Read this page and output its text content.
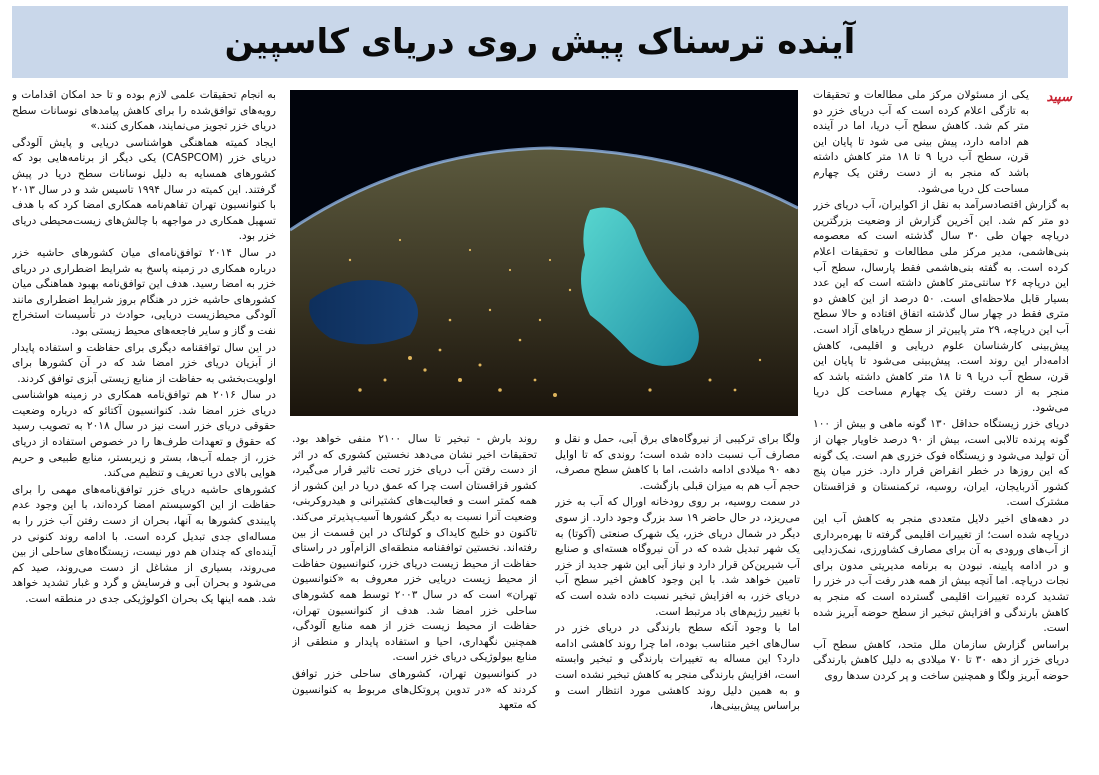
آینده ترسناک پیش روی دریای کاسپین
سپید

یکی از مسئولان مرکز ملی مطالعات و تحقیقات به تازگی اعلام کرده است که آب دریای خزر دو متر کم شد. کاهش سطح آب دریا، اما در آینده هم ادامه دارد، پیش بینی می شود تا پایان این قرن، سطح آب دریا ۹ تا ۱۸ متر کاهش داشته باشد که منجر به از دست رفتن یک چهارم مساحت کل دریا می‌شود.

به گزارش اقتصادسرآمد به نقل از اکوایران، آب دریای خزر دو متر کم شد. این آخرین گزارش از وضعیت بزرگترین دریاچه جهان طی ۳۰ سال گذشته است که معصومه بنی‌هاشمی، مدیر مرکز ملی مطالعات و تحقیقات اعلام کرده است. به گفته بنی‌هاشمی فقط پارسال، سطح آب این دریاچه ۲۶ سانتی‌متر کاهش داشته است که این عدد بسیار قابل ملاحظه‌ای است. ۵۰ درصد از این کاهش دو متری فقط در چهار سال گذشته اتفاق افتاده و حالا سطح آب این دریاچه، ۲۹ متر پایین‌تر از سطح دریاهای آزاد است. پیش‌بینی کارشناسان علوم دریایی و اقلیمی، کاهش ادامه‌دار این روند است. پیش‌بینی می‌شود تا پایان این قرن، سطح آب دریا ۹ تا ۱۸ متر کاهش داشته باشد که منجر به از دست رفتن یک چهارم مساحت کل دریا می‌شود.

دریای خزر زیستگاه حداقل ۱۳۰ گونه ماهی و بیش از ۱۰۰ گونه پرنده تالابی است، بیش از ۹۰ درصد خاویار جهان از آن تولید می‌شود و زیستگاه فوک خزری هم است. یک گونه که این روزها در خطر انقراض قرار دارد. خزر میان پنج کشور آذربایجان، ایران، روسیه، ترکمنستان و قزاقستان مشترک است.

در دهه‌های اخیر دلایل متعددی منجر به کاهش آب این دریاچه شده است؛ از تغییرات اقلیمی گرفته تا بهره‌برداری از آب‌های ورودی به آن برای مصارف کشاورزی، نمک‌زدایی و در ادامه پایینه. نبودن به برنامه مدیریتی مدون برای نجات دریاچه. اما آنچه بیش از همه هدر رفت آب در خزر را تشدید کرده تغییرات اقلیمی گسترده است که منجر به کاهش بارندگی و افزایش تبخیر از سطح حوضه آبریز شده است.

براساس گزارش سازمان ملل متحد، کاهش سطح آب دریای خزر از دهه ۳۰ تا ۷۰ میلادی به دلیل کاهش بارندگی حوضه آبریز ولگا و همچنین ساخت و پر کردن سدها روی

ولگا برای ترکیبی از نیروگاه‌های برق آبی، حمل و نقل و مصارف آب نسبت داده شده است؛ روندی که تا اوایل دهه ۹۰ میلادی ادامه داشت، اما با کاهش سطح مصرف، حجم آب هم به میزان قبلی بازگشت.

در سمت روسیه، بر روی رودخانه اورال که آب به خزر می‌ریزد، در حال حاضر ۱۹ سد بزرگ وجود دارد. از سوی دیگر در شمال دریای خزر، یک شهرک صنعتی (آکوتا) به یک شهر تبدیل شده که در آن نیروگاه هسته‌ای و صنایع آب شیرین‌کن قرار دارد و نیاز آبی این شهر جدید از خزر تامین خواهد شد. با این وجود کاهش اخیر سطح آب دریای خزر، به افزایش تبخیر نسبت داده شده است که با تغییر رژیم‌های باد مرتبط است.

اما با وجود آنکه سطح بارندگی در دریای خزر در سال‌های اخیر متناسب بوده، اما چرا روند کاهشی ادامه دارد؟ این مساله به تغییرات بارندگی و تبخیر وابسته است، افزایش بارندگی منجر به کاهش تبخیر نشده است و به همین دلیل روند کاهشی مورد انتظار است و براساس پیش‌بینی‌ها،

روند بارش - تبخیر تا سال ۲۱۰۰ منفی خواهد بود. تحقیقات اخیر نشان می‌دهد نخستین کشوری که در اثر از دست رفتن آب دریای خزر تحت تاثیر قرار می‌گیرد، کشور قزاقستان است چرا که عمق دریا در این کشور از همه کمتر است و فعالیت‌های کشتیرانی و هیدروکربنی، وضعیت آنرا نسبت به دیگر کشورها آسیب‌پذیرتر می‌کند. تاکنون دو خلیج کایداک و کولتاک در این قسمت از بین رفته‌اند. نخستین توافقنامه منطقه‌ای الزام‌آور در راستای حفاظت از محیط زیست دریای خزر، کنوانسیون حفاظت از محیط زیست دریایی خزر معروف به «کنوانسیون تهران» است که در سال ۲۰۰۳ توسط همه کشورهای ساحلی خزر امضا شد. هدف از کنوانسیون تهران، حفاظت از محیط زیست خزر از همه منابع آلودگی، همچنین نگهداری، احیا و استفاده پایدار و منطقی از منابع بیولوژیکی دریای خزر است.

در کنوانسیون تهران، کشورهای ساحلی خزر توافق کردند که «در تدوین پروتکل‌های مربوط به کنوانسیون که متعهد

به انجام تحقیقات علمی لازم بوده و تا حد امکان اقدامات و رویه‌های توافق‌شده را برای کاهش پیامدهای نوسانات سطح دریای خزر تجویز می‌نمایند، همکاری کنند.»

ایجاد کمیته هماهنگی هواشناسی دریایی و پایش آلودگی دریای خزر (CASPCOM) یکی دیگر از برنامه‌هایی بود که کشورهای همسایه به دلیل نوسانات سطح دریا در پیش گرفتند. این کمیته در سال ۱۹۹۴ تاسیس شد و در سال ۲۰۱۳ با کنوانسیون تهران تفاهم‌نامه همکاری امضا کرد که با هدف تسهیل همکاری در مواجهه با چالش‌های زیست‌محیطی دریای خزر بود.

در سال ۲۰۱۴ توافق‌نامه‌ای میان کشورهای حاشیه خزر درباره همکاری در زمینه پاسخ به شرایط اضطراری در دریای خزر به امضا رسید. هدف این توافق‌نامه بهبود هماهنگی میان کشورهای حاشیه خزر در هنگام بروز شرایط اضطراری مانند آلودگی محیط‌زیست دریایی، حوادث در تأسیسات استخراج نفت و گاز و سایر فاجعه‌های محیط زیستی بود.

در این سال توافقنامه دیگری برای حفاظت و استفاده پایدار از آبزیان دریای خزر امضا شد که در آن کشورها برای اولویت‌بخشی به حفاظت از منابع زیستی آبزی توافق کردند.

در سال ۲۰۱۶ هم توافق‌نامه همکاری در زمینه هواشناسی دریای خزر امضا شد. کنوانسیون آکتائو که درباره وضعیت حقوقی دریای خزر است نیز در سال ۲۰۱۸ به تصویب رسید که حقوق و تعهدات طرف‌ها را در خصوص استفاده از دریای خزر، از جمله آب‌ها، بستر و زیربستر، منابع طبیعی و حریم هوایی بالای دریا تعریف و تنظیم می‌کند.

کشورهای حاشیه دریای خزر توافق‌نامه‌های مهمی را برای حفاظت از این اکوسیستم امضا کرده‌اند، با این وجود عدم پایبندی کشورها به آنها، بحران از دست رفتن آب خزر را به مساله‌ای جدی تبدیل کرده است. با ادامه روند کنونی در آینده‌ای که چندان هم دور نیست، زیستگاه‌های ساحلی از بین می‌روند، بسیاری از مشاغل از دست می‌روند، صید کم می‌شود و بحران آبی و فرسایش و گرد و غبار تشدید خواهد شد. همه اینها یک بحران اکولوژیکی جدی در منطقه است.
